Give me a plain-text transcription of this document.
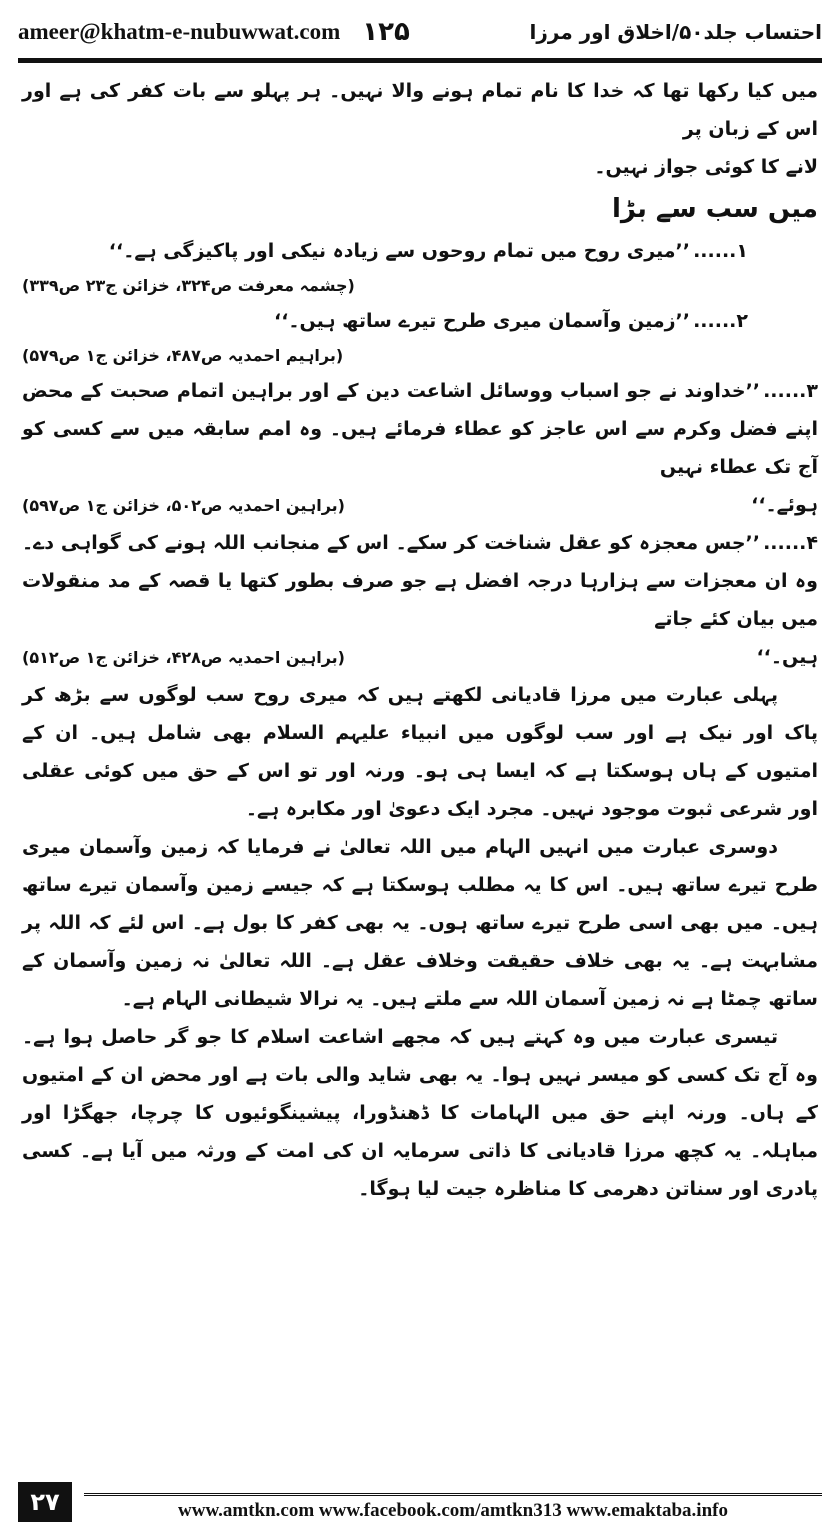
ameer@khatm-e-nubuwwat.com ۱۲۵	احتساب جلد۵۰/اخلاق اور مرزا

میں کیا رکھا تھا کہ خدا کا نام تمام ہونے والا نہیں۔ ہر پہلو سے بات کفر کی ہے اور اس کے زبان پر

لانے کا کوئی جواز نہیں۔

میں سب سے بڑا

۱......’’میری روح میں تمام روحوں سے زیادہ نیکی اور پاکیزگی ہے۔‘‘

(چشمہ معرفت ص۳۲۴، خزائن ج۲۳ ص۳۳۹)

۲......’’زمین وآسمان میری طرح تیرے ساتھ ہیں۔‘‘

(براہیم احمدیہ ص۴۸۷، خزائن ج۱ ص۵۷۹)

۳......’’خداوند نے جو اسباب ووسائل اشاعت دین کے اور براہین اتمام صحبت کے محض اپنے فضل وکرم سے اس عاجز کو عطاء فرمائے ہیں۔ وہ امم سابقہ میں سے کسی کو آج تک عطاء نہیں

ہوئے۔‘‘
(براہین احمدیہ ص۵۰۲، خزائن ج۱ ص۵۹۷)

۴......’’جس معجزہ کو عقل شناخت کر سکے۔ اس کے منجانب اللہ ہونے کی گواہی دے۔ وہ ان معجزات سے ہزارہا درجہ افضل ہے جو صرف بطور کتھا یا قصہ کے مد منقولات میں بیان کئے جاتے

ہیں۔‘‘
(براہین احمدیہ ص۴۲۸، خزائن ج۱ ص۵۱۲)

پہلی عبارت میں مرزا قادیانی لکھتے ہیں کہ میری روح سب لوگوں سے بڑھ کر پاک اور نیک ہے اور سب لوگوں میں انبیاء علیہم السلام بھی شامل ہیں۔ ان کے امتیوں کے ہاں ہوسکتا ہے کہ ایسا ہی ہو۔ ورنہ اور تو اس کے حق میں کوئی عقلی اور شرعی ثبوت موجود نہیں۔ مجرد ایک دعویٰ اور مکابرہ ہے۔

دوسری عبارت میں انہیں الہام میں اللہ تعالیٰ نے فرمایا کہ زمین وآسمان میری طرح تیرے ساتھ ہیں۔ اس کا یہ مطلب ہوسکتا ہے کہ جیسے زمین وآسمان تیرے ساتھ ہیں۔ میں بھی اسی طرح تیرے ساتھ ہوں۔ یہ بھی کفر کا بول ہے۔ اس لئے کہ اللہ پر مشابہت ہے۔ یہ بھی خلاف حقیقت وخلاف عقل ہے۔ اللہ تعالیٰ نہ زمین وآسمان کے ساتھ چمٹا ہے نہ زمین آسمان اللہ سے ملتے ہیں۔ یہ نرالا شیطانی الہام ہے۔

تیسری عبارت میں وہ کہتے ہیں کہ مجھے اشاعت اسلام کا جو گر حاصل ہوا ہے۔ وہ آج تک کسی کو میسر نہیں ہوا۔ یہ بھی شاید والی بات ہے اور محض ان کے امتیوں کے ہاں۔ ورنہ اپنے حق میں الہامات کا ڈھنڈورا، پیشینگوئیوں کا چرچا، جھگڑا اور مباہلہ۔ یہ کچھ مرزا قادیانی کا ذاتی سرمایہ ان کی امت کے ورثہ میں آیا ہے۔ کسی پادری اور سناتن دھرمی کا مناظرہ جیت لیا ہوگا۔

۲۷	www.amtkn.com www.facebook.com/amtkn313 www.emaktaba.info
